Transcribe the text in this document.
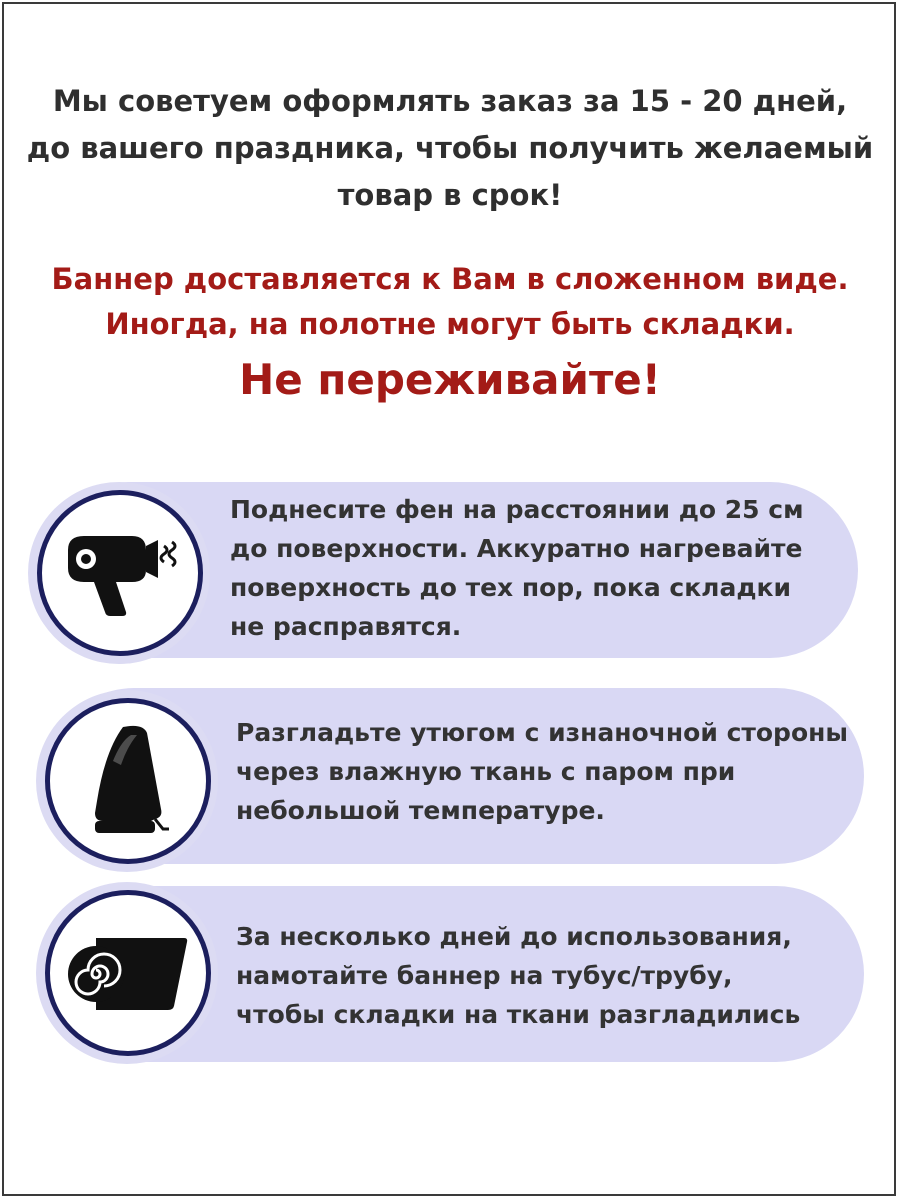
Мы советуем оформлять заказ за 15 - 20 дней,
до вашего праздника, чтобы получить желаемый
товар в срок!
Баннер доставляется к Вам в сложенном виде.
Иногда, на полотне могут быть складки.
Не переживайте!
Поднесите фен на расстоянии до 25 см
до поверхности. Аккуратно нагревайте
поверхность до тех пор, пока складки
не расправятся.
Разгладьте утюгом с изнаночной стороны
через влажную ткань с паром при
небольшой температуре.
За несколько дней до использования,
намотайте баннер на тубус/трубу,
чтобы складки на ткани разгладились
